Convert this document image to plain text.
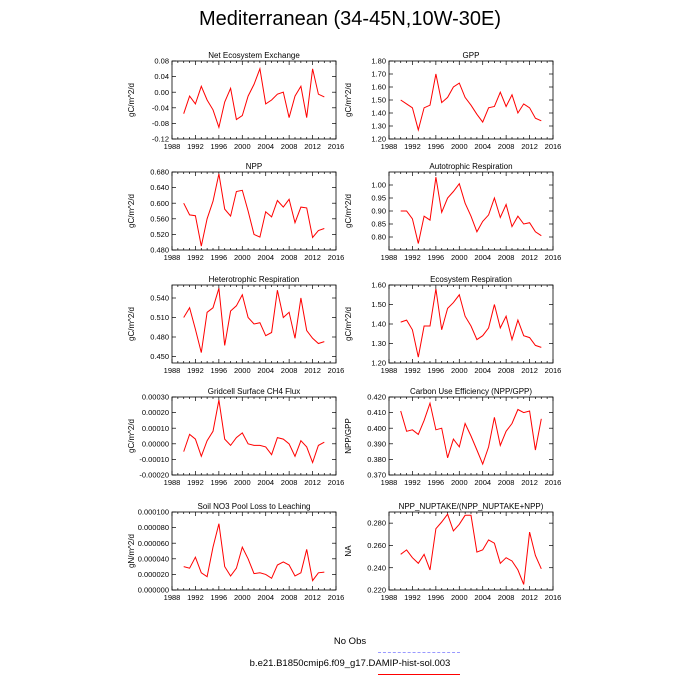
Mediterranean (34-45N,10W-30E)
Net Ecosystem Exchange
gC/m^2/d
0.08
0.04
0.00
-0.04
-0.08
-0.12
1988 1992 1996 2000 2004 2008 2012 2016
GPP
gC/m^2/d
1.80
1.70
1.60
1.50
1.40
1.30
1.20
1988 1992 1996 2000 2004 2008 2012 2016
NPP
gC/m^2/d
0.680
0.640
0.600
0.560
0.520
0.480
1988 1992 1996 2000 2004 2008 2012 2016
Autotrophic Respiration
gC/m^2/d
1.00
0.95
0.90
0.85
0.80
1988 1992 1996 2000 2004 2008 2012 2016
Heterotrophic Respiration
gC/m^2/d
0.540
0.510
0.480
0.450
1988 1992 1996 2000 2004 2008 2012 2016
Ecosystem Respiration
gC/m^2/d
1.60
1.50
1.40
1.30
1.20
1988 1992 1996 2000 2004 2008 2012 2016
Gridcell Surface CH4 Flux
gC/m^2/d
0.00030
0.00020
0.00010
0.00000
-0.00010
-0.00020
1988 1992 1996 2000 2004 2008 2012 2016
Carbon Use Efficiency (NPP/GPP)
NPP/GPP
0.420
0.410
0.400
0.390
0.380
0.370
1988 1992 1996 2000 2004 2008 2012 2016
Soil NO3 Pool Loss to Leaching
gN/m^2/d
0.000100
0.000080
0.000060
0.000040
0.000020
0.000000
1988 1992 1996 2000 2004 2008 2012 2016
NPP_NUPTAKE/(NPP_NUPTAKE+NPP)
NA
0.280
0.260
0.240
0.220
1988 1992 1996 2000 2004 2008 2012 2016
No Obs
b.e21.B1850cmip6.f09_g17.DAMIP-hist-sol.003
